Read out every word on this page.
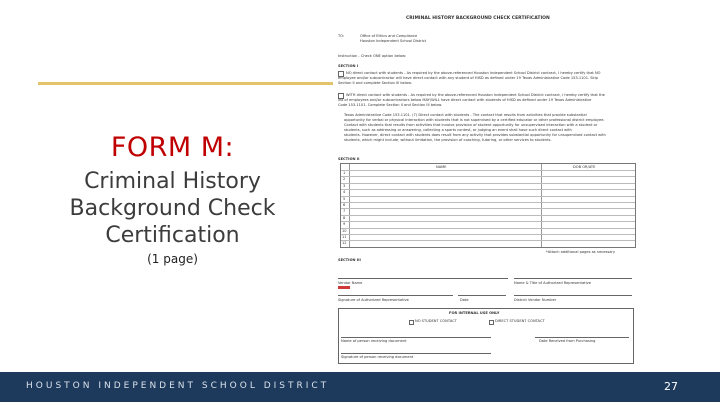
FORM M:
Criminal History
Background Check
Certification
(1 page)
CRIMINAL HISTORY BACKGROUND CHECK CERTIFICATION
TO:	Office of Ethics and Compliance
Houston Independent School District
Instruction - Check ONE option below:
SECTION I
NO direct contact with students - As required by the above-referenced Houston Independent School District contract, I hereby certify that NO
employee and/or subcontractor will have direct contact with any student of HISD as defined under 19 Texas Administrative Code 153.1101. Skip
Section II and complete Section III below.
WITH direct contact with students - As required by the above-referenced Houston Independent School District contract, I hereby certify that the
list of employees and/or subcontractors below MAY/WILL have direct contact with students of HISD as defined under 19 Texas Administrative
Code 153.1101. Complete Section II and Section III below.
Texas Administrative Code 153.1101. (7) Direct contact with students - The contact that results from activities that provide substantial
opportunity for verbal or physical interaction with students that is not supervised by a certified educator or other professional district employee.
Contact with students that results from activities that involve provision of student opportunity for unsupervised interaction with a student or
students, such as addressing or answering, collecting a sports contest, or judging an event shall have such direct contact with
students. However, direct contact with students does result from any activity that provides substantial opportunity for unsupervised contact with
students, which might include, without limitation, the provision of coaching, tutoring, or other services to students.
SECTION II
NAME	DOB OR/ATE
1
2
3
4
5
6
7
8
9
10
11
12
*Attach additional pages as necessary
SECTION III
Vendor Name	Name & Title of Authorized Representative
Signature of Authorized Representative	Date	District Vendor Number
FOR INTERNAL USE ONLY
NO STUDENT CONTACT	DIRECT STUDENT CONTACT
Name of person receiving document	Date Received from Purchasing
Signature of person receiving document
HOUSTON INDEPENDENT SCHOOL DISTRICT	27
